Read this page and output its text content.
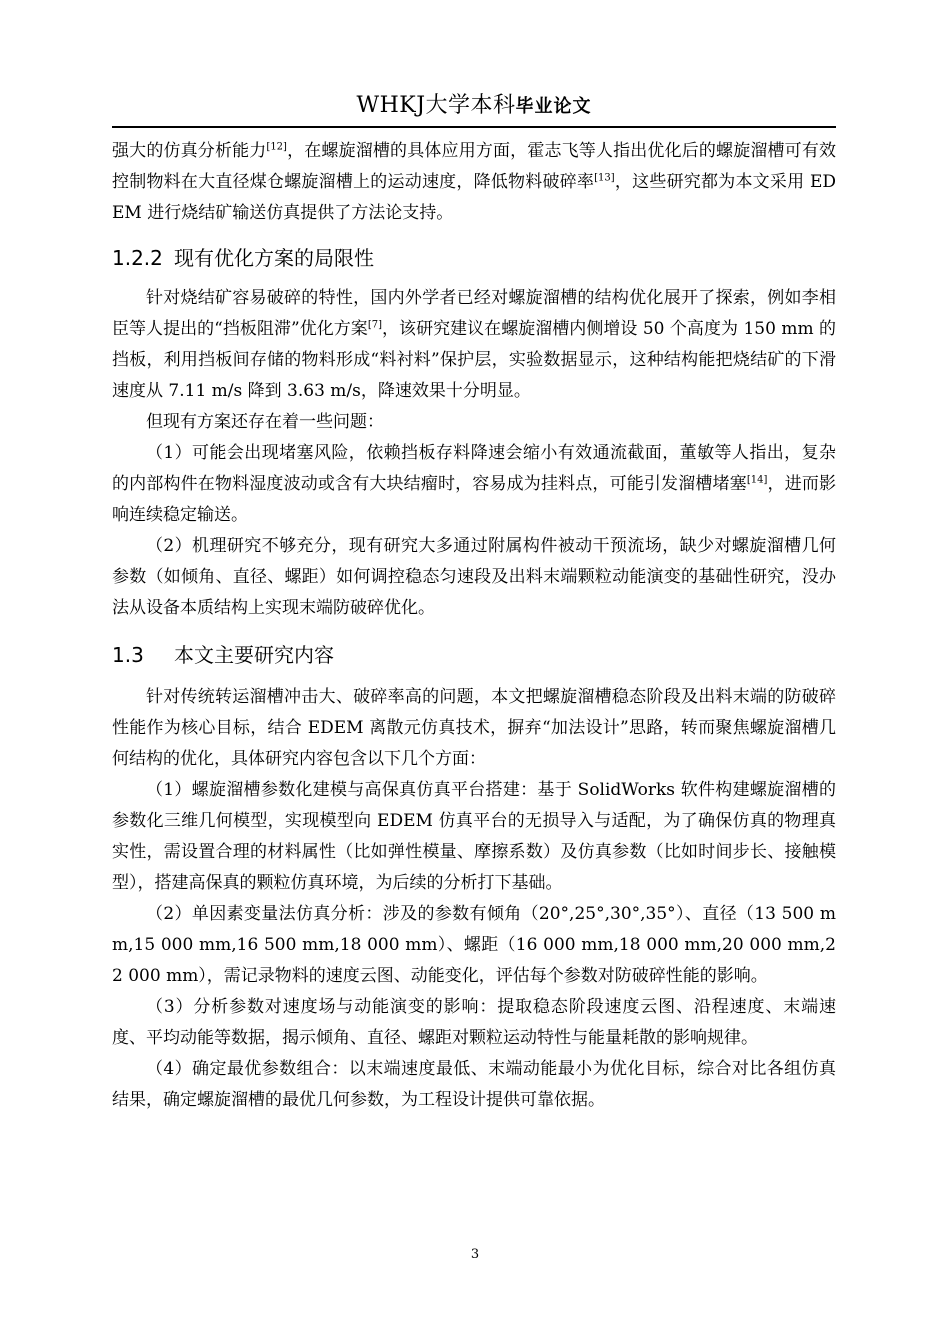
WHKJ大学本科毕业论文

强大的仿真分析能力[12]，在螺旋溜槽的具体应用方面，霍志飞等人指出优化后的螺旋溜槽可有效控制物料在大直径煤仓螺旋溜槽上的运动速度，降低物料破碎率[13]，这些研究都为本文采用 EDEM 进行烧结矿输送仿真提供了方法论支持。

1.2.2 现有优化方案的局限性

针对烧结矿容易破碎的特性，国内外学者已经对螺旋溜槽的结构优化展开了探索，例如李相臣等人提出的“挡板阻滞”优化方案[7]，该研究建议在螺旋溜槽内侧增设 50 个高度为 150 mm 的挡板，利用挡板间存储的物料形成“料衬料”保护层，实验数据显示，这种结构能把烧结矿的下滑速度从 7.11 m/s 降到 3.63 m/s，降速效果十分明显。

但现有方案还存在着一些问题：

（1）可能会出现堵塞风险，依赖挡板存料降速会缩小有效通流截面，董敏等人指出，复杂的内部构件在物料湿度波动或含有大块结瘤时，容易成为挂料点，可能引发溜槽堵塞[14]，进而影响连续稳定输送。

（2）机理研究不够充分，现有研究大多通过附属构件被动干预流场，缺少对螺旋溜槽几何参数（如倾角、直径、螺距）如何调控稳态匀速段及出料末端颗粒动能演变的基础性研究，没办法从设备本质结构上实现末端防破碎优化。

1.3 本文主要研究内容

针对传统转运溜槽冲击大、破碎率高的问题，本文把螺旋溜槽稳态阶段及出料末端的防破碎性能作为核心目标，结合 EDEM 离散元仿真技术，摒弃“加法设计”思路，转而聚焦螺旋溜槽几何结构的优化，具体研究内容包含以下几个方面：

（1）螺旋溜槽参数化建模与高保真仿真平台搭建：基于 SolidWorks 软件构建螺旋溜槽的参数化三维几何模型，实现模型向 EDEM 仿真平台的无损导入与适配，为了确保仿真的物理真实性，需设置合理的材料属性（比如弹性模量、摩擦系数）及仿真参数（比如时间步长、接触模型），搭建高保真的颗粒仿真环境，为后续的分析打下基础。

（2）单因素变量法仿真分析：涉及的参数有倾角（20°,25°,30°,35°）、直径（13 500 mm,15 000 mm,16 500 mm,18 000 mm）、螺距（16 000 mm,18 000 mm,20 000 mm,22 000 mm），需记录物料的速度云图、动能变化，评估每个参数对防破碎性能的影响。

（3）分析参数对速度场与动能演变的影响：提取稳态阶段速度云图、沿程速度、末端速度、平均动能等数据，揭示倾角、直径、螺距对颗粒运动特性与能量耗散的影响规律。

（4）确定最优参数组合：以末端速度最低、末端动能最小为优化目标，综合对比各组仿真结果，确定螺旋溜槽的最优几何参数，为工程设计提供可靠依据。

3
